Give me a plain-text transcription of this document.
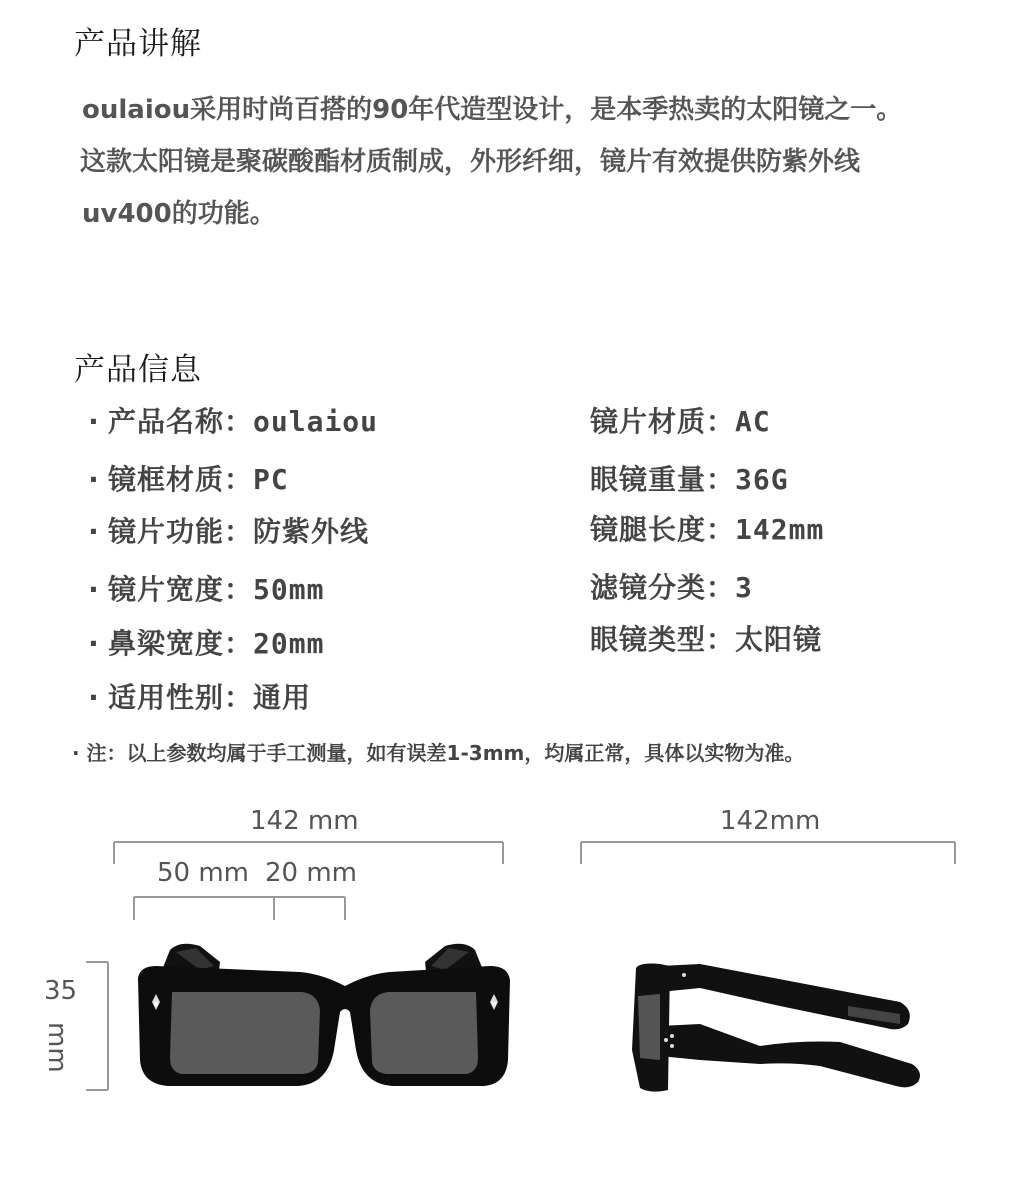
产品讲解
oulaiou采用时尚百搭的90年代造型设计，是本季热卖的太阳镜之一。
这款太阳镜是聚碳酸酯材质制成，外形纤细，镜片有效提供防紫外线
uv400的功能。
产品信息
· 产品名称：oulaiou
· 镜框材质：PC
· 镜片功能：防紫外线
· 镜片宽度：50mm
· 鼻梁宽度：20mm
· 适用性别：通用
镜片材质：AC
眼镜重量：36G
镜腿长度：142mm
滤镜分类：3
眼镜类型：太阳镜
· 注：以上参数均属于手工测量，如有误差1-3mm，均属正常，具体以实物为准。
142 mm
50 mm 20 mm
35
mm
142mm
